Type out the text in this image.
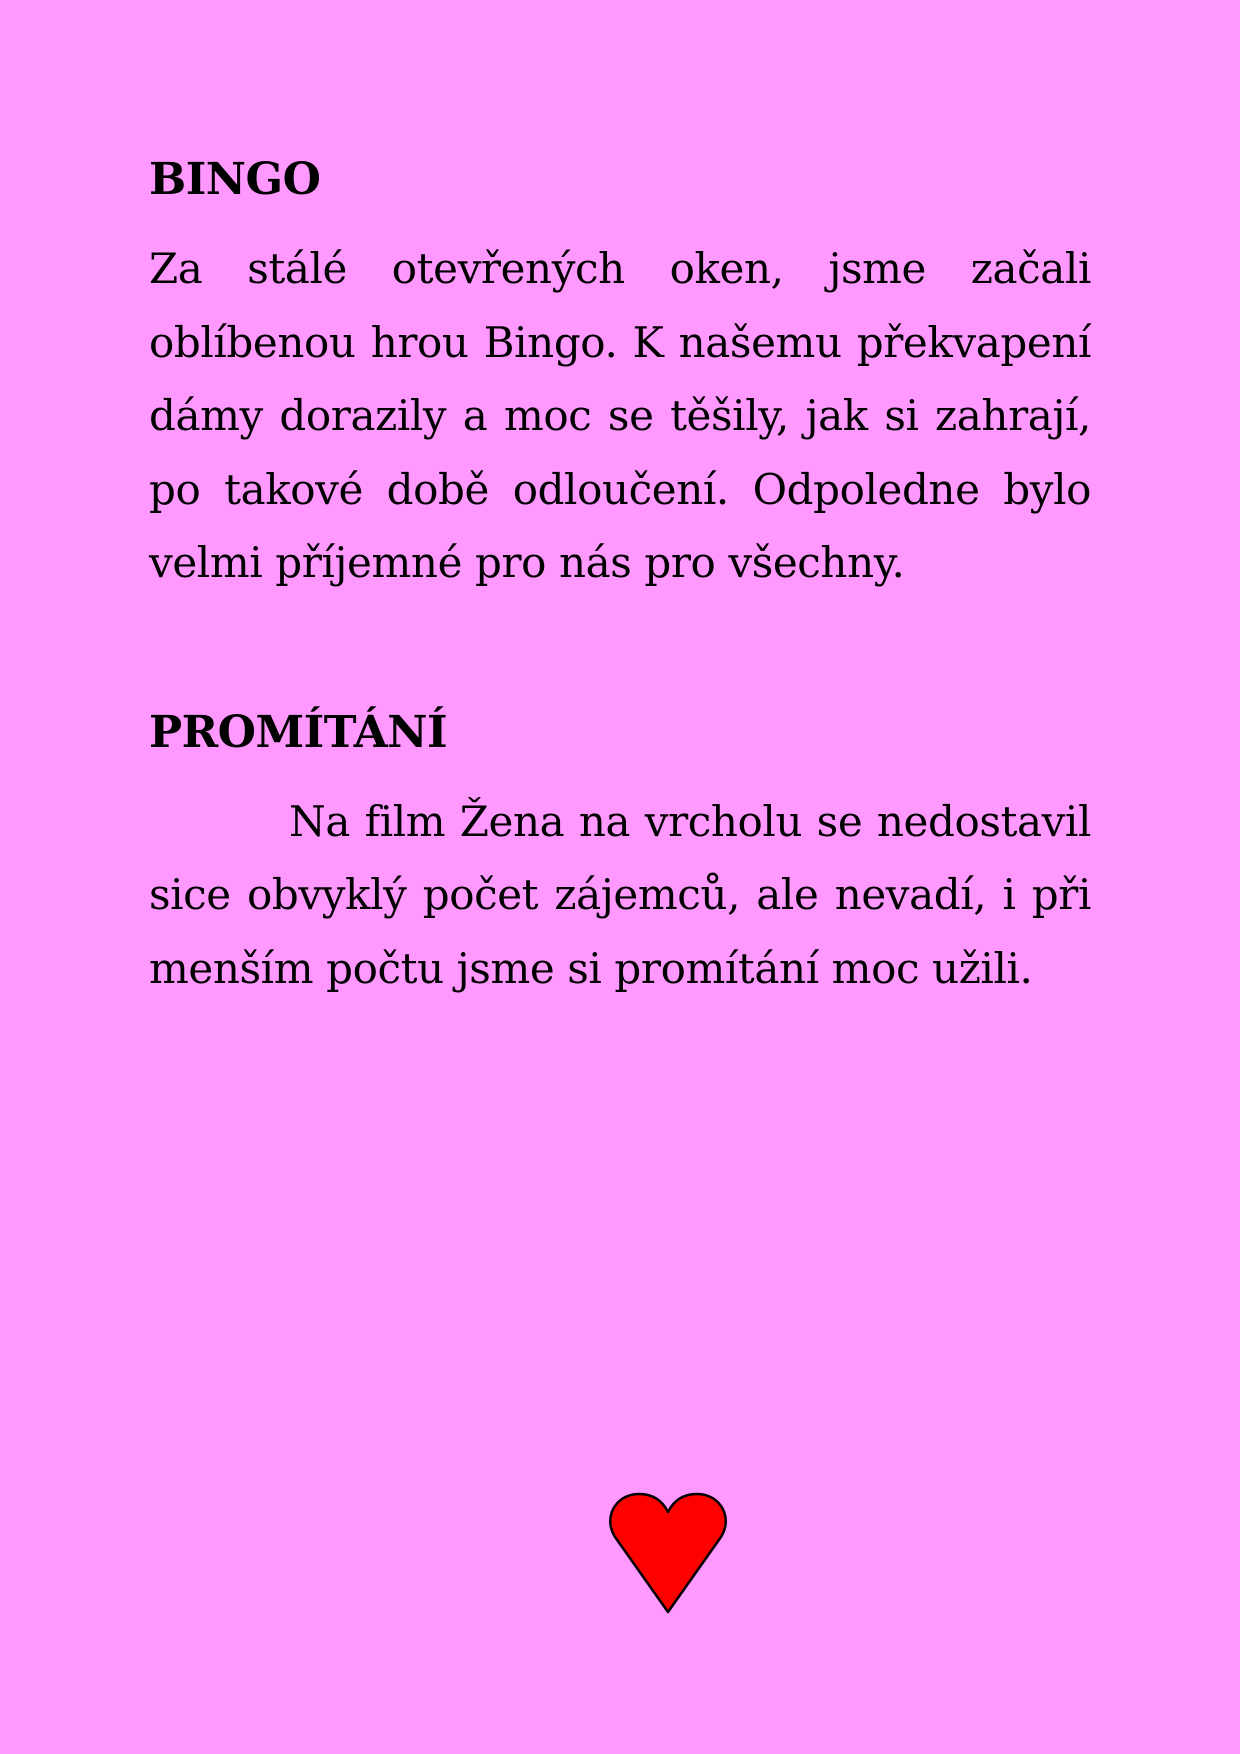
BINGO

Za stálé otevřených oken, jsme začali oblíbenou hrou Bingo. K našemu překvapení dámy dorazily a moc se těšily, jak si zahrají, po takové době odloučení. Odpoledne bylo velmi příjemné pro nás pro všechny.

PROMÍTÁNÍ

Na film Žena na vrcholu se nedostavil sice obvyklý počet zájemců, ale nevadí, i při menším počtu jsme si promítání moc užili.
